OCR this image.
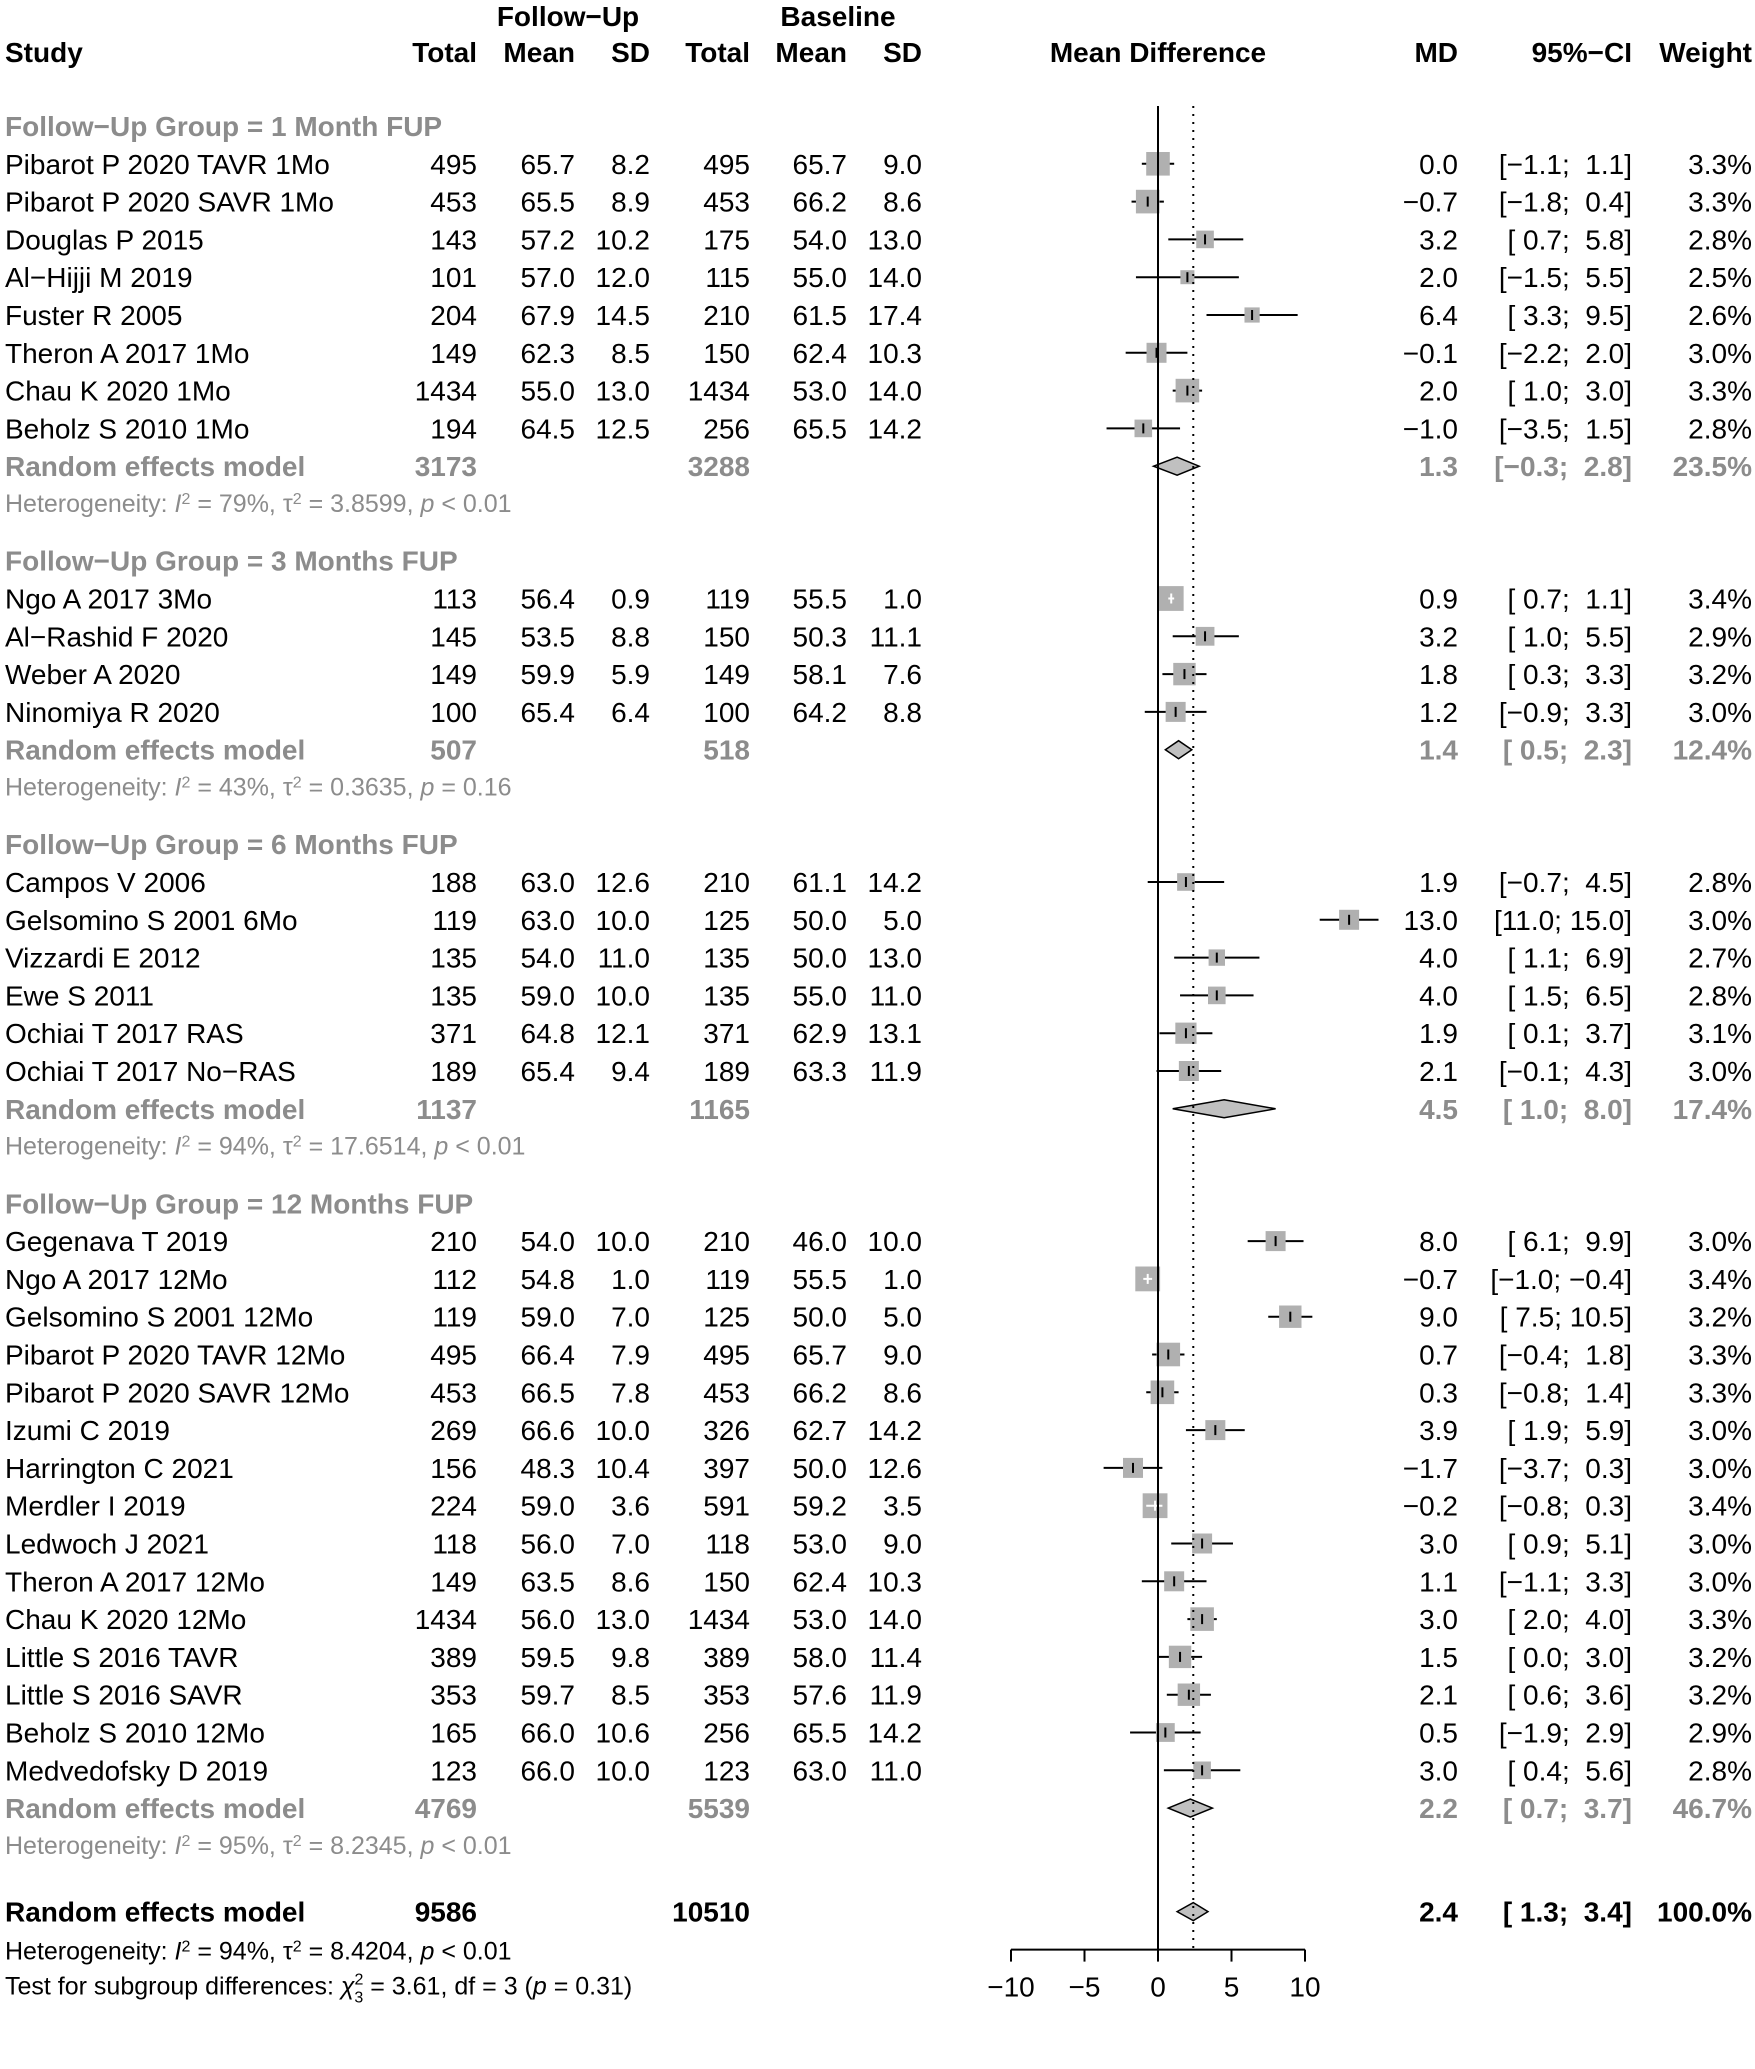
Follow−Up	Baseline
Study	Total Mean SD Total Mean SD	Mean Difference	MD	95%−CI Weight
−10 −5 0 5 10
Follow−Up Group = 1 Month FUP
Pibarot P 2020 TAVR 1Mo	495 65.7 8.2 495 65.7 9.0	0.0 [−1.1;  1.1] 3.3%
Pibarot P 2020 SAVR 1Mo	453 65.5 8.9 453 66.2 8.6	−0.7 [−1.8;  0.4] 3.3%
Douglas P 2015	143 57.2 10.2 175 54.0 13.0	3.2 [ 0.7;  5.8] 2.8%
Al−Hijji M 2019	101 57.0 12.0 115 55.0 14.0	2.0 [−1.5;  5.5] 2.5%
Fuster R 2005	204 67.9 14.5 210 61.5 17.4	6.4 [ 3.3;  9.5] 2.6%
Theron A 2017 1Mo	149 62.3 8.5 150 62.4 10.3	−0.1 [−2.2;  2.0] 3.0%
Chau K 2020 1Mo	1434 55.0 13.0 1434 53.0 14.0	2.0 [ 1.0;  3.0] 3.3%
Beholz S 2010 1Mo	194 64.5 12.5 256 65.5 14.2	−1.0 [−3.5;  1.5] 2.8%
Random effects model	3173	3288	1.3 [−0.3;  2.8] 23.5%
Heterogeneity: $I^2 = 79\%$, $\tau^2 = 3.8599$, p < 0.01
Follow−Up Group = 3 Months FUP
Ngo A 2017 3Mo	113 56.4 0.9 119 55.5 1.0	0.9 [ 0.7;  1.1] 3.4%
Al−Rashid F 2020	145 53.5 8.8 150 50.3 11.1	3.2 [ 1.0;  5.5] 2.9%
Weber A 2020	149 59.9 5.9 149 58.1 7.6	1.8 [ 0.3;  3.3] 3.2%
Ninomiya R 2020	100 65.4 6.4 100 64.2 8.8	1.2 [−0.9;  3.3] 3.0%
Random effects model	507	518	1.4 [ 0.5;  2.3] 12.4%
Heterogeneity: $I^2 = 43\%$, $\tau^2 = 0.3635$, p = 0.16
Follow−Up Group = 6 Months FUP
Campos V 2006	188 63.0 12.6 210 61.1 14.2	1.9 [−0.7;  4.5] 2.8%
Gelsomino S 2001 6Mo	119 63.0 10.0 125 50.0 5.0	13.0 [11.0; 15.0] 3.0%
Vizzardi E 2012	135 54.0 11.0 135 50.0 13.0	4.0 [ 1.1;  6.9] 2.7%
Ewe S 2011	135 59.0 10.0 135 55.0 11.0	4.0 [ 1.5;  6.5] 2.8%
Ochiai T 2017 RAS	371 64.8 12.1 371 62.9 13.1	1.9 [ 0.1;  3.7] 3.1%
Ochiai T 2017 No−RAS	189 65.4 9.4 189 63.3 11.9	2.1 [−0.1;  4.3] 3.0%
Random effects model	1137	1165	4.5 [ 1.0;  8.0] 17.4%
Heterogeneity: $I^2 = 94\%$, $\tau^2 = 17.6514$, p < 0.01
Follow−Up Group = 12 Months FUP
Gegenava T 2019	210 54.0 10.0 210 46.0 10.0	8.0 [ 6.1;  9.9] 3.0%
Ngo A 2017 12Mo	112 54.8 1.0 119 55.5 1.0	−0.7 [−1.0; −0.4] 3.4%
Gelsomino S 2001 12Mo	119 59.0 7.0 125 50.0 5.0	9.0 [ 7.5; 10.5] 3.2%
Pibarot P 2020 TAVR 12Mo	495 66.4 7.9 495 65.7 9.0	0.7 [−0.4;  1.8] 3.3%
Pibarot P 2020 SAVR 12Mo	453 66.5 7.8 453 66.2 8.6	0.3 [−0.8;  1.4] 3.3%
Izumi C 2019	269 66.6 10.0 326 62.7 14.2	3.9 [ 1.9;  5.9] 3.0%
Harrington C 2021	156 48.3 10.4 397 50.0 12.6	−1.7 [−3.7;  0.3] 3.0%
Merdler I 2019	224 59.0 3.6 591 59.2 3.5	−0.2 [−0.8;  0.3] 3.4%
Ledwoch J 2021	118 56.0 7.0 118 53.0 9.0	3.0 [ 0.9;  5.1] 3.0%
Theron A 2017 12Mo	149 63.5 8.6 150 62.4 10.3	1.1 [−1.1;  3.3] 3.0%
Chau K 2020 12Mo	1434 56.0 13.0 1434 53.0 14.0	3.0 [ 2.0;  4.0] 3.3%
Little S 2016 TAVR	389 59.5 9.8 389 58.0 11.4	1.5 [ 0.0;  3.0] 3.2%
Little S 2016 SAVR	353 59.7 8.5 353 57.6 11.9	2.1 [ 0.6;  3.6] 3.2%
Beholz S 2010 12Mo	165 66.0 10.6 256 65.5 14.2	0.5 [−1.9;  2.9] 2.9%
Medvedofsky D 2019	123 66.0 10.0 123 63.0 11.0	3.0 [ 0.4;  5.6] 2.8%
Random effects model	4769	5539	2.2 [ 0.7;  3.7] 46.7%
Heterogeneity: $I^2 = 95\%$, $\tau^2 = 8.2345$, p < 0.01
Random effects model	9586	10510	2.4 [ 1.3;  3.4] 100.0%
Heterogeneity: $I^2 = 94\%$, $\tau^2 = 8.4204$, p < 0.01
Test for subgroup differences: $\chi^2$ 3 = 3.61, df = 3 (p = 0.31)
